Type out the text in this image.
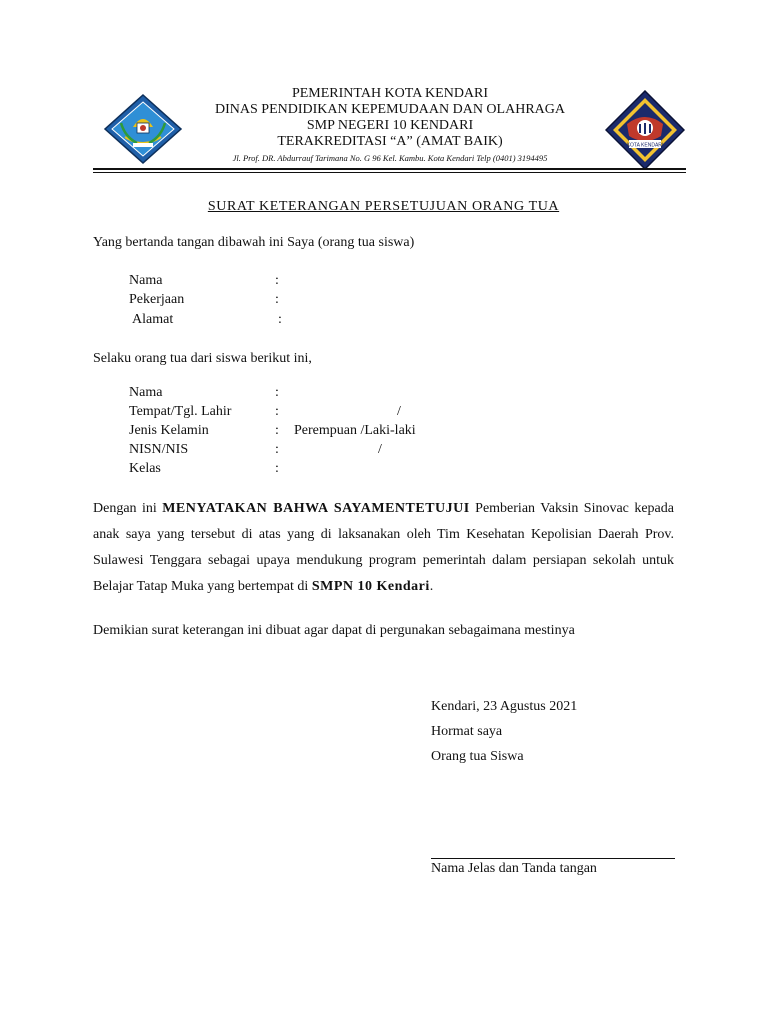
PEMERINTAH KOTA KENDARI
DINAS PENDIDIKAN KEPEMUDAAN DAN OLAHRAGA
SMP NEGERI 10 KENDARI
TERAKREDITASI “A” (AMAT BAIK)
Jl. Prof. DR. Abdurrauf Tarimana No. G 96 Kel. Kambu. Kota Kendari Telp (0401) 3194495
KOTA KENDARI
SURAT KETERANGAN PERSETUJUAN ORANG TUA
Yang bertanda tangan dibawah ini Saya (orang tua siswa)
Nama	:
Pekerjaan	:
Alamat	:
Selaku orang tua dari siswa berikut ini,
Nama	:
Tempat/Tgl. Lahir	:	/
Jenis Kelamin	: Perempuan /Laki-laki
NISN/NIS	:	/
Kelas	:

Dengan ini MENYATAKAN BAHWA SAYAMENTETUJUI Pemberian Vaksin Sinovac kepada anak saya yang tersebut di atas yang di laksanakan oleh Tim Kesehatan Kepolisian Daerah Prov. Sulawesi Tenggara sebagai upaya mendukung program pemerintah dalam persiapan sekolah untuk Belajar Tatap Muka yang bertempat di SMPN 10 Kendari.

Demikian surat keterangan ini dibuat agar dapat di pergunakan sebagaimana mestinya
Kendari, 23 Agustus 2021
Hormat saya
Orang tua Siswa
Nama Jelas dan Tanda tangan
